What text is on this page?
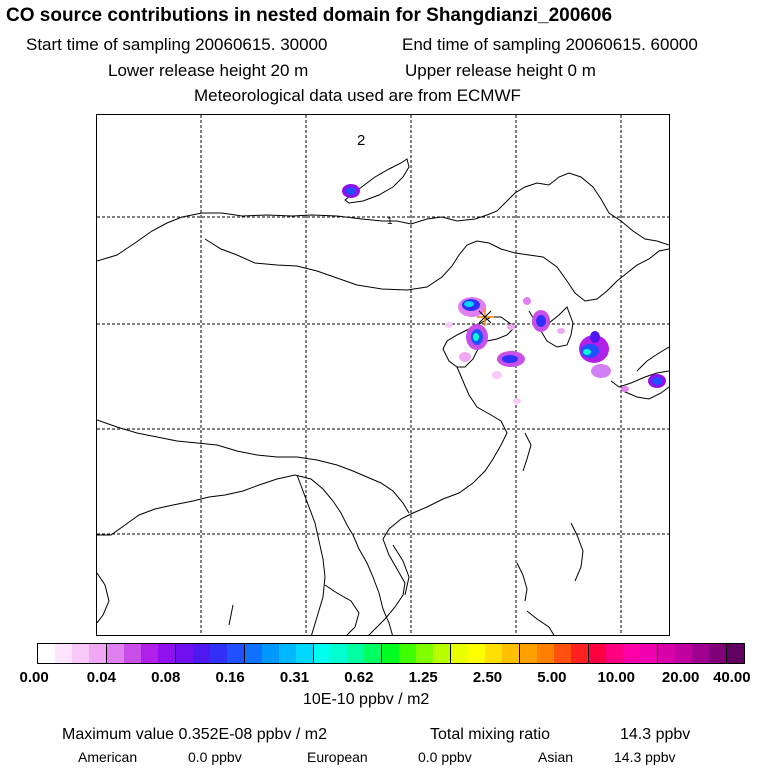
CO source contributions in nested domain for Shangdianzi_200606
Start time of sampling 20060615. 30000	End time of sampling 20060615. 60000
Lower release height 20 m	Upper release height 0 m
Meteorological data used are from ECMWF
2
1
0.00	0.04 0.08 0.16 0.31 0.62 1.25 2.50 5.00 10.00 20.00 40.00
10E-10 ppbv / m2
Maximum value 0.352E-08 ppbv / m2	Total mixing ratio	14.3 ppbv
American	0.0 ppbv	European	0.0 ppbv	Asian	14.3 ppbv
